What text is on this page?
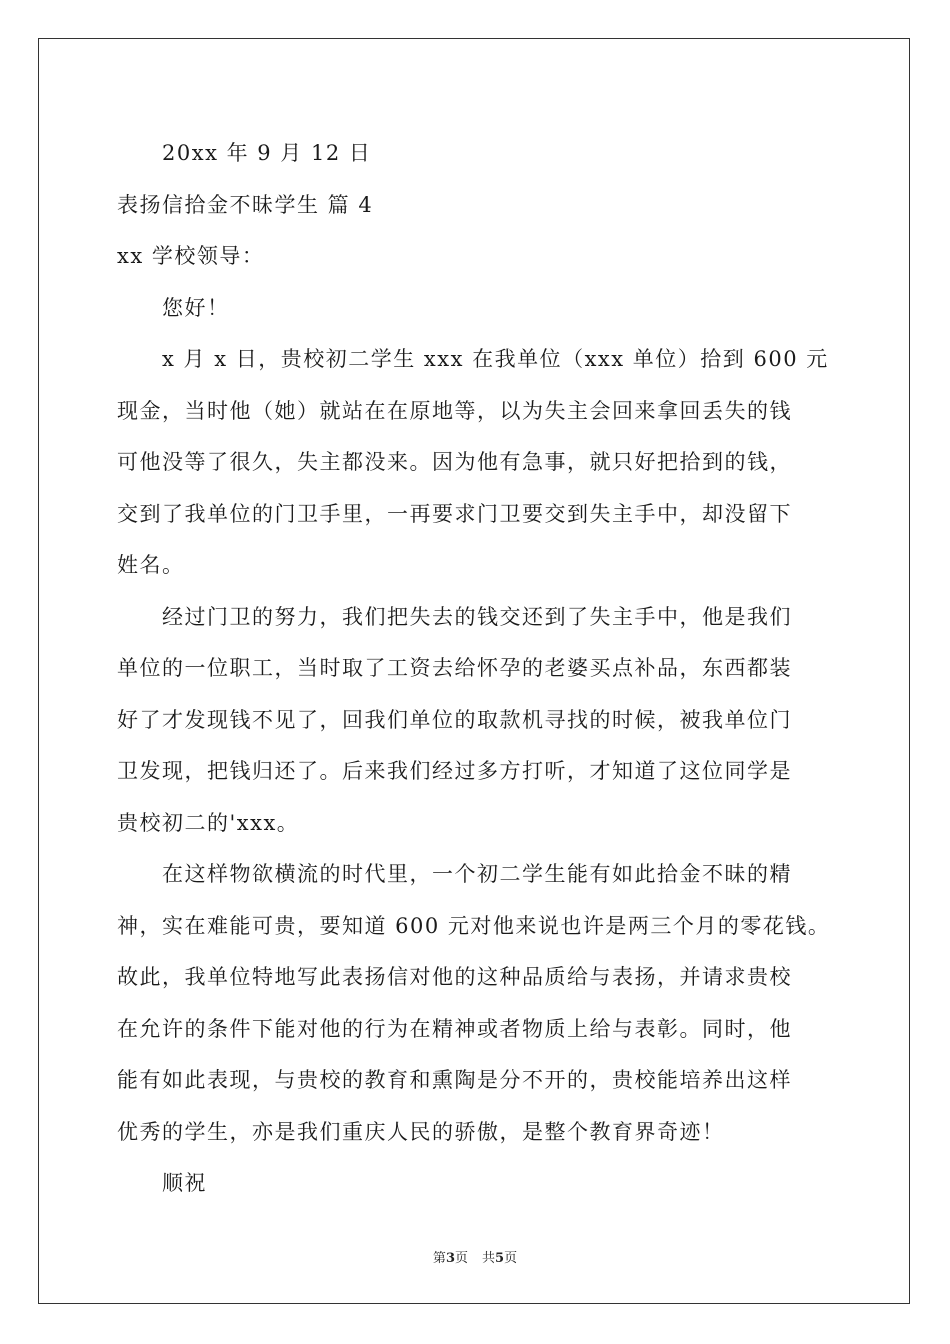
20xx 年 9 月 12 日
表扬信拾金不昧学生 篇 4
xx 学校领导：
您好！
x 月 x 日，贵校初二学生 xxx 在我单位（xxx 单位）拾到 600 元
现金，当时他（她）就站在在原地等，以为失主会回来拿回丢失的钱
可他没等了很久，失主都没来。因为他有急事，就只好把拾到的钱，
交到了我单位的门卫手里，一再要求门卫要交到失主手中，却没留下
姓名。
经过门卫的努力，我们把失去的钱交还到了失主手中，他是我们
单位的一位职工，当时取了工资去给怀孕的老婆买点补品，东西都装
好了才发现钱不见了，回我们单位的取款机寻找的时候，被我单位门
卫发现，把钱归还了。后来我们经过多方打听，才知道了这位同学是
贵校初二的'xxx。
在这样物欲横流的时代里，一个初二学生能有如此拾金不昧的精
神，实在难能可贵，要知道 600 元对他来说也许是两三个月的零花钱。
故此，我单位特地写此表扬信对他的这种品质给与表扬，并请求贵校
在允许的条件下能对他的行为在精神或者物质上给与表彰。同时，他
能有如此表现，与贵校的教育和熏陶是分不开的，贵校能培养出这样
优秀的学生，亦是我们重庆人民的骄傲，是整个教育界奇迹！
顺祝
第3页 共5页
